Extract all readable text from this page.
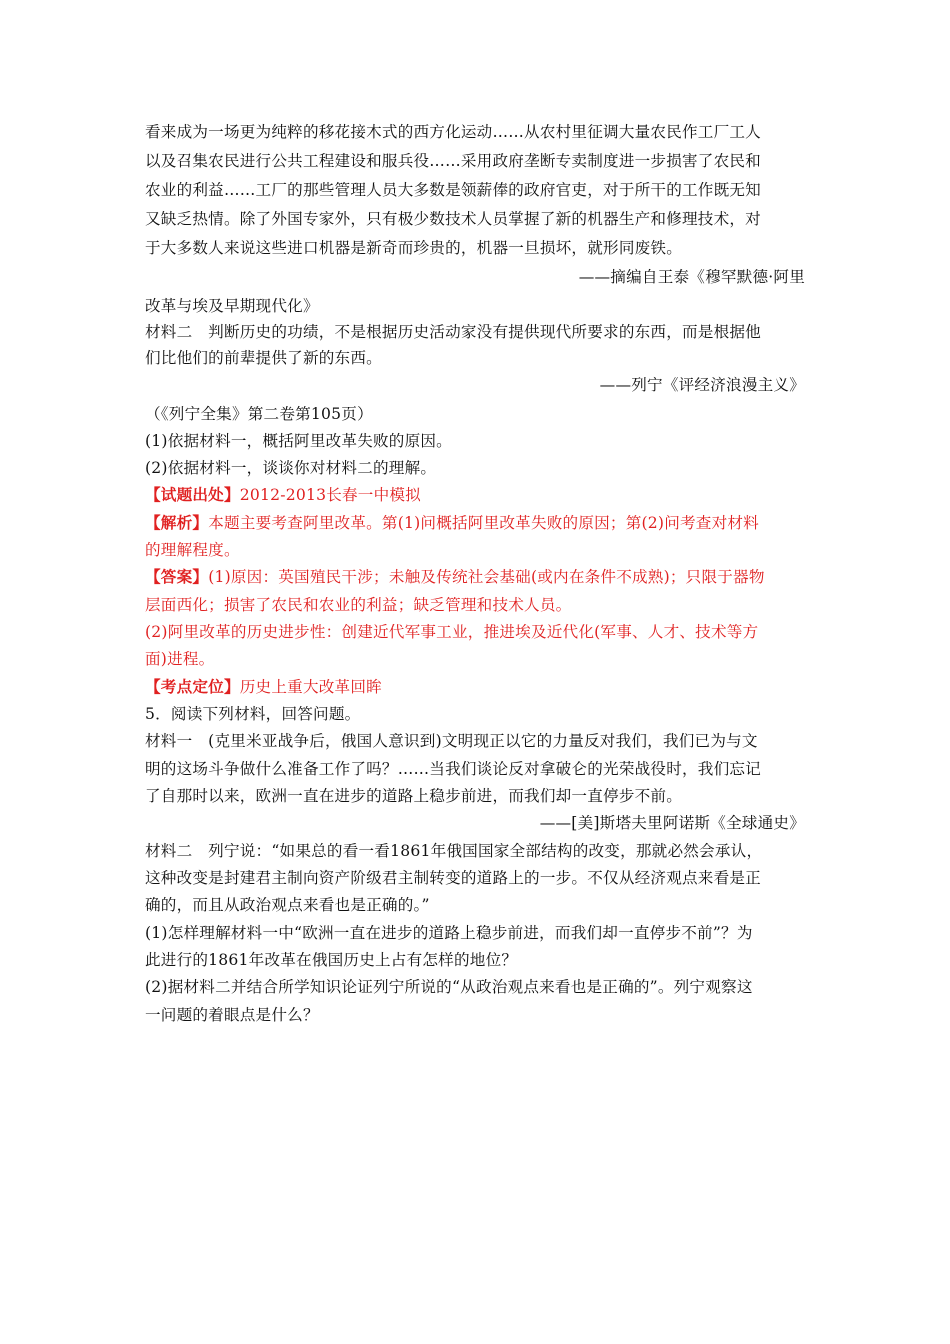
看来成为一场更为纯粹的移花接木式的西方化运动……从农村里征调大量农民作工厂工人
以及召集农民进行公共工程建设和服兵役……采用政府垄断专卖制度进一步损害了农民和
农业的利益……工厂的那些管理人员大多数是领薪俸的政府官吏，对于所干的工作既无知
又缺乏热情。除了外国专家外，只有极少数技术人员掌握了新的机器生产和修理技术，对
于大多数人来说这些进口机器是新奇而珍贵的，机器一旦损坏，就形同废铁。
——摘编自王泰《穆罕默德·阿里
改革与埃及早期现代化》
材料二　判断历史的功绩，不是根据历史活动家没有提供现代所要求的东西，而是根据他
们比他们的前辈提供了新的东西。
——列宁《评经济浪漫主义》
（《列宁全集》第二卷第105页）
(1)依据材料一，概括阿里改革失败的原因。
(2)依据材料一，谈谈你对材料二的理解。
【试题出处】2012-2013长春一中模拟
【解析】本题主要考查阿里改革。第(1)问概括阿里改革失败的原因；第(2)问考查对材料
的理解程度。
【答案】(1)原因：英国殖民干涉；未触及传统社会基础(或内在条件不成熟)；只限于器物
层面西化；损害了农民和农业的利益；缺乏管理和技术人员。
(2)阿里改革的历史进步性：创建近代军事工业，推进埃及近代化(军事、人才、技术等方
面)进程。
【考点定位】历史上重大改革回眸
5．阅读下列材料，回答问题。
材料一　(克里米亚战争后，俄国人意识到)文明现正以它的力量反对我们，我们已为与文
明的这场斗争做什么准备工作了吗？……当我们谈论反对拿破仑的光荣战役时，我们忘记
了自那时以来，欧洲一直在进步的道路上稳步前进，而我们却一直停步不前。
——[美]斯塔夫里阿诺斯《全球通史》
材料二　列宁说：“如果总的看一看1861年俄国国家全部结构的改变，那就必然会承认，
这种改变是封建君主制向资产阶级君主制转变的道路上的一步。不仅从经济观点来看是正
确的，而且从政治观点来看也是正确的。”
(1)怎样理解材料一中“欧洲一直在进步的道路上稳步前进，而我们却一直停步不前”？为
此进行的1861年改革在俄国历史上占有怎样的地位？
(2)据材料二并结合所学知识论证列宁所说的“从政治观点来看也是正确的”。列宁观察这
一问题的着眼点是什么？
